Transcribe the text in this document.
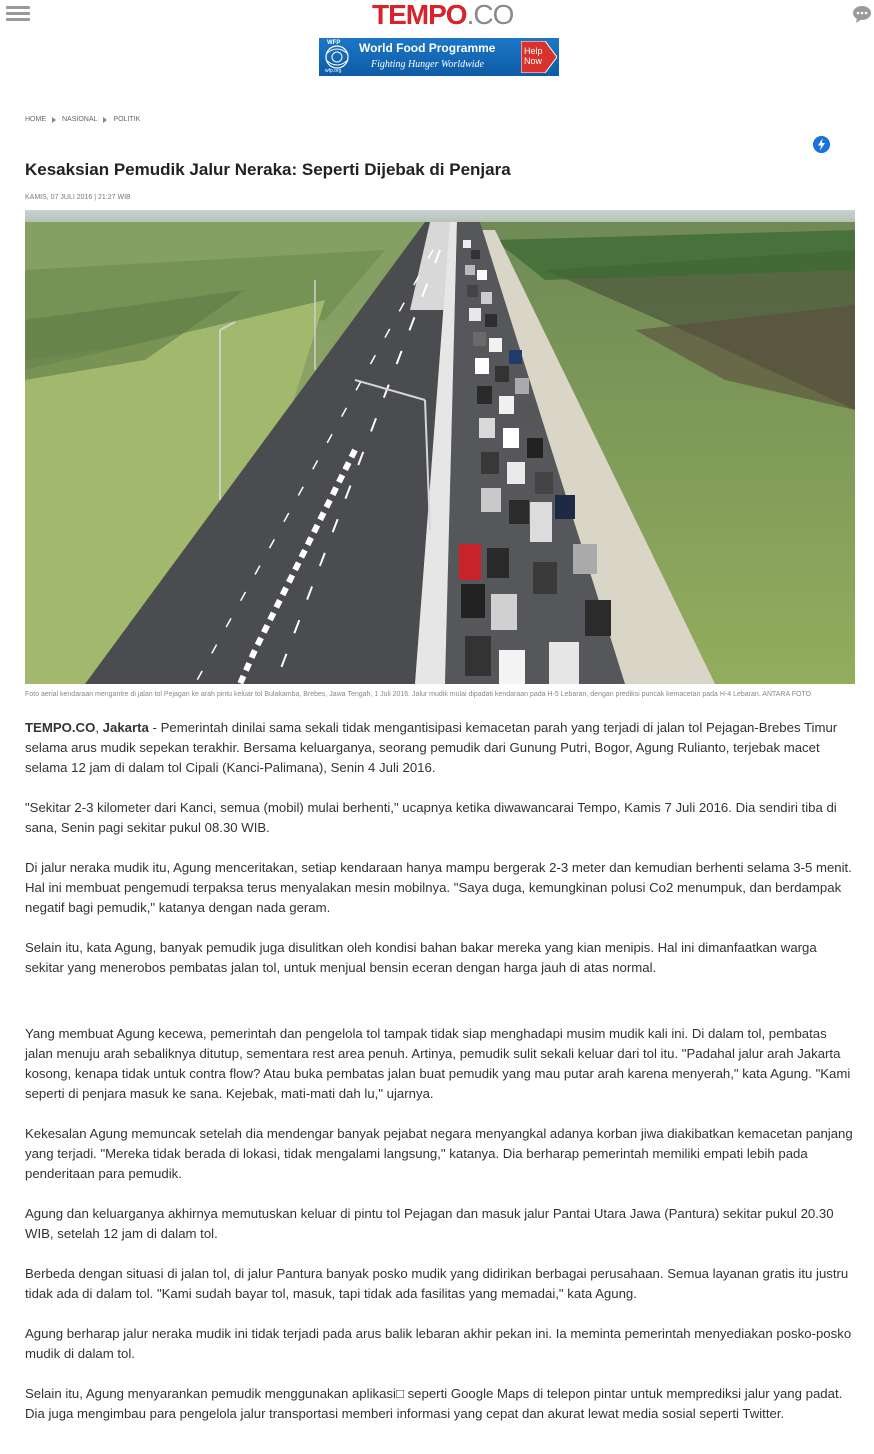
TEMPO.CO
WFP
wfp.org
World Food Programme
Fighting Hunger Worldwide
Help
Now
HOME NASIONAL POLITIK
Kesaksian Pemudik Jalur Neraka: Seperti Dijebak di Penjara
KAMIS, 07 JULI 2016 | 21:27 WIB
Foto aerial kendaraan mengantre di jalan tol Pejagan ke arah pintu keluar tol Bulakamba, Brebes, Jawa Tengah, 1 Juli 2016. Jalur mudik mulai dipadati kendaraan pada H-5 Lebaran, dengan prediksi puncak kemacetan pada H-4 Lebaran. ANTARA FOTO

TEMPO.CO, Jakarta - Pemerintah dinilai sama sekali tidak mengantisipasi kemacetan parah yang terjadi di jalan tol Pejagan-Brebes Timur selama arus mudik sepekan terakhir. Bersama keluarganya, seorang pemudik dari Gunung Putri, Bogor, Agung Rulianto, terjebak macet selama 12 jam di dalam tol Cipali (Kanci-Palimana), Senin 4 Juli 2016.

"Sekitar 2-3 kilometer dari Kanci, semua (mobil) mulai berhenti," ucapnya ketika diwawancarai Tempo, Kamis 7 Juli 2016. Dia sendiri tiba di sana, Senin pagi sekitar pukul 08.30 WIB.

Di jalur neraka mudik itu, Agung menceritakan, setiap kendaraan hanya mampu bergerak 2-3 meter dan kemudian berhenti selama 3-5 menit. Hal ini membuat pengemudi terpaksa terus menyalakan mesin mobilnya. "Saya duga, kemungkinan polusi Co2 menumpuk, dan berdampak negatif bagi pemudik," katanya dengan nada geram.

Selain itu, kata Agung, banyak pemudik juga disulitkan oleh kondisi bahan bakar mereka yang kian menipis. Hal ini dimanfaatkan warga sekitar yang menerobos pembatas jalan tol, untuk menjual bensin eceran dengan harga jauh di atas normal.

Yang membuat Agung kecewa, pemerintah dan pengelola tol tampak tidak siap menghadapi musim mudik kali ini. Di dalam tol, pembatas jalan menuju arah sebaliknya ditutup, sementara rest area penuh. Artinya, pemudik sulit sekali keluar dari tol itu. "Padahal jalur arah Jakarta kosong, kenapa tidak untuk contra flow? Atau buka pembatas jalan buat pemudik yang mau putar arah karena menyerah," kata Agung. "Kami seperti di penjara masuk ke sana. Kejebak, mati-mati dah lu," ujarnya.

Kekesalan Agung memuncak setelah dia mendengar banyak pejabat negara menyangkal adanya korban jiwa diakibatkan kemacetan panjang yang terjadi. "Mereka tidak berada di lokasi, tidak mengalami langsung," katanya. Dia berharap pemerintah memiliki empati lebih pada penderitaan para pemudik.

Agung dan keluarganya akhirnya memutuskan keluar di pintu tol Pejagan dan masuk jalur Pantai Utara Jawa (Pantura) sekitar pukul 20.30 WIB, setelah 12 jam di dalam tol.

Berbeda dengan situasi di jalan tol, di jalur Pantura banyak posko mudik yang didirikan berbagai perusahaan. Semua layanan gratis itu justru tidak ada di dalam tol. "Kami sudah bayar tol, masuk, tapi tidak ada fasilitas yang memadai," kata Agung.

Agung berharap jalur neraka mudik ini tidak terjadi pada arus balik lebaran akhir pekan ini. Ia meminta pemerintah menyediakan posko-posko mudik di dalam tol.

Selain itu, Agung menyarankan pemudik menggunakan aplikasi□ seperti Google Maps di telepon pintar untuk memprediksi jalur yang padat. Dia juga mengimbau para pengelola jalur transportasi memberi informasi yang cepat dan akurat lewat media sosial seperti Twitter.
